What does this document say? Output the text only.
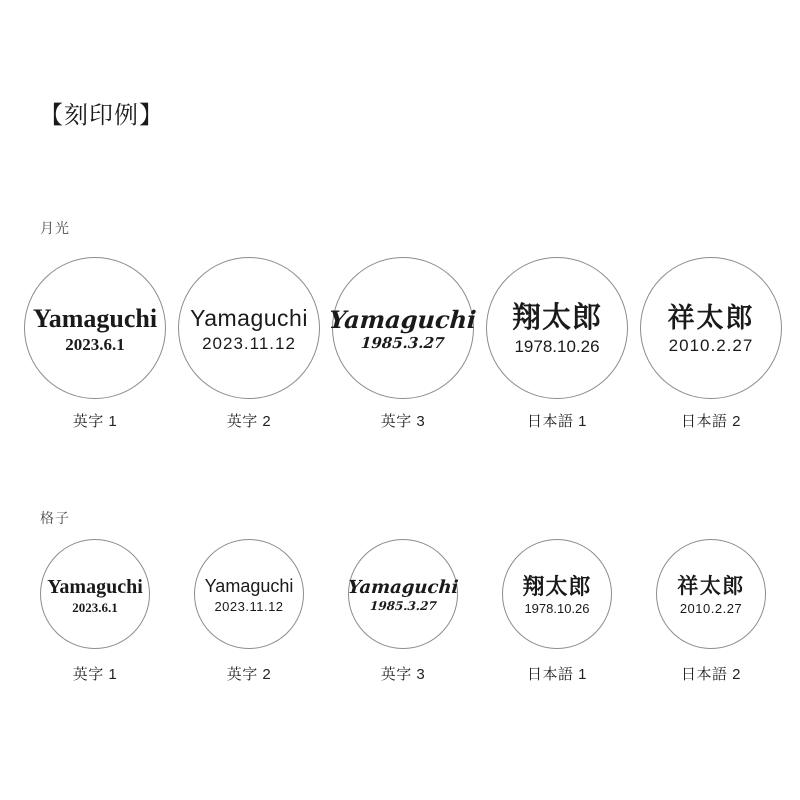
【刻印例】
月光
Yamaguchi
2023.6.1
英字 1
Yamaguchi
2023.11.12
英字 2
Yamaguchi
1985.3.27
英字 3
翔太郎
1978.10.26
日本語 1
祥太郎
2010.2.27
日本語 2
格子
Yamaguchi
2023.6.1
英字 1
Yamaguchi
2023.11.12
英字 2
Yamaguchi
1985.3.27
英字 3
翔太郎
1978.10.26
日本語 1
祥太郎
2010.2.27
日本語 2
